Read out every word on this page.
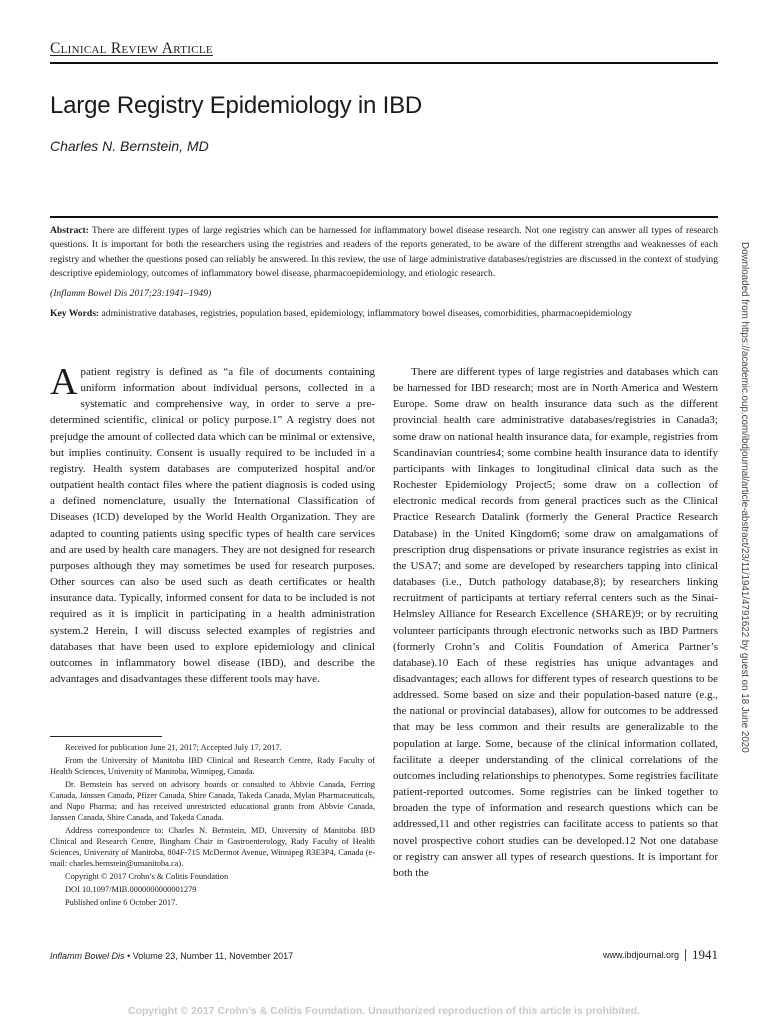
Clinical Review Article
Large Registry Epidemiology in IBD
Charles N. Bernstein, MD

Abstract: There are different types of large registries which can be harnessed for inflammatory bowel disease research. Not one registry can answer all types of research questions. It is important for both the researchers using the registries and readers of the reports generated, to be aware of the different strengths and weaknesses of each registry and whether the questions posed can reliably be answered. In this review, the use of large administrative databases/registries are discussed in the context of studying descriptive epidemiology, outcomes of inflammatory bowel disease, pharmacoepidemiology, and etiologic research.

(Inflamm Bowel Dis 2017;23:1941–1949)

Key Words: administrative databases, registries, population based, epidemiology, inflammatory bowel diseases, comorbidities, pharmacoepidemiology

A patient registry is defined as “a file of documents containing uniform information about individual persons, collected in a systematic and comprehensive way, in order to serve a pre-determined scientific, clinical or policy purpose.1” A registry does not prejudge the amount of collected data which can be minimal or extensive, but implies continuity. Consent is usually required to be included in a registry. Health system databases are computerized hospital and/or outpatient health contact files where the patient diagnosis is coded using a defined nomenclature, usually the International Classification of Diseases (ICD) developed by the World Health Organization. They are adapted to counting patients using specific types of health care services and are used by health care managers. They are not designed for research purposes although they may sometimes be used for research purposes. Other sources can also be used such as death certificates or health insurance data. Typically, informed consent for data to be included is not required as it is implicit in participating in a health administration system.2 Herein, I will discuss selected examples of registries and databases that have been used to explore epidemiology and clinical outcomes in inflammatory bowel disease (IBD), and describe the advantages and disadvantages these different tools may have.

Received for publication June 21, 2017; Accepted July 17, 2017.

From the University of Manitoba IBD Clinical and Research Centre, Rady Faculty of Health Sciences, University of Manitoba, Winnipeg, Canada.

Dr. Bernstein has served on advisory boards or consulted to Abbvie Canada, Ferring Canada, Janssen Canada, Pfizer Canada, Shire Canada, Takeda Canada, Mylan Pharmaceuticals, and Napo Pharma; and has received unrestricted educational grants from Abbvie Canada, Janssen Canada, Shire Canada, and Takeda Canada.

Address correspondence to: Charles N. Bernstein, MD, University of Manitoba IBD Clinical and Research Centre, Bingham Chair in Gastroenterology, Rady Faculty of Health Sciences, University of Manitoba, 804F-715 McDermot Avenue, Winnipeg R3E3P4, Canada (e-mail: charles.bernstein@umanitoba.ca).

Copyright © 2017 Crohn’s & Colitis Foundation

DOI 10.1097/MIB.0000000000001279

Published online 6 October 2017.

There are different types of large registries and databases which can be harnessed for IBD research; most are in North America and Western Europe. Some draw on health insurance data such as the different provincial health care administrative databases/registries in Canada3; some draw on national health insurance data, for example, registries from Scandinavian countries4; some combine health insurance data to identify participants with linkages to longitudinal clinical data such as the Rochester Epidemiology Project5; some draw on a collection of electronic medical records from general practices such as the Clinical Practice Research Datalink (formerly the General Practice Research Database) in the United Kingdom6; some draw on amalgamations of prescription drug dispensations or private insurance registries as exist in the USA7; and some are developed by researchers tapping into clinical databases (i.e., Dutch pathology database,8); by researchers linking recruitment of participants at tertiary referral centers such as the Sinai-Helmsley Alliance for Research Excellence (SHARE)9; or by recruiting volunteer participants through electronic networks such as IBD Partners (formerly Crohn’s and Colitis Foundation of America Partner’s database).10 Each of these registries has unique advantages and disadvantages; each allows for different types of research questions to be addressed. Some based on size and their population-based nature (e.g., the national or provincial databases), allow for outcomes to be addressed that may be less common and their results are generalizable to the population at large. Some, because of the clinical information collated, facilitate a deeper understanding of the clinical correlations of the outcomes including relationships to phenotypes. Some registries facilitate patient-reported outcomes. Some registries can be linked together to broaden the type of information and research questions which can be addressed,11 and other registries can facilitate access to patients so that novel prospective cohort studies can be developed.12 Not one database or registry can answer all types of research questions. It is important for both the

Inflamm Bowel Dis • Volume 23, Number 11, November 2017	www.ibdjournal.org 1941
Copyright © 2017 Crohn’s & Colitis Foundation. Unauthorized reproduction of this article is prohibited.
Downloaded from https://academic.oup.com/ibdjournal/article-abstract/23/11/1941/4791622 by guest on 18 June 2020
